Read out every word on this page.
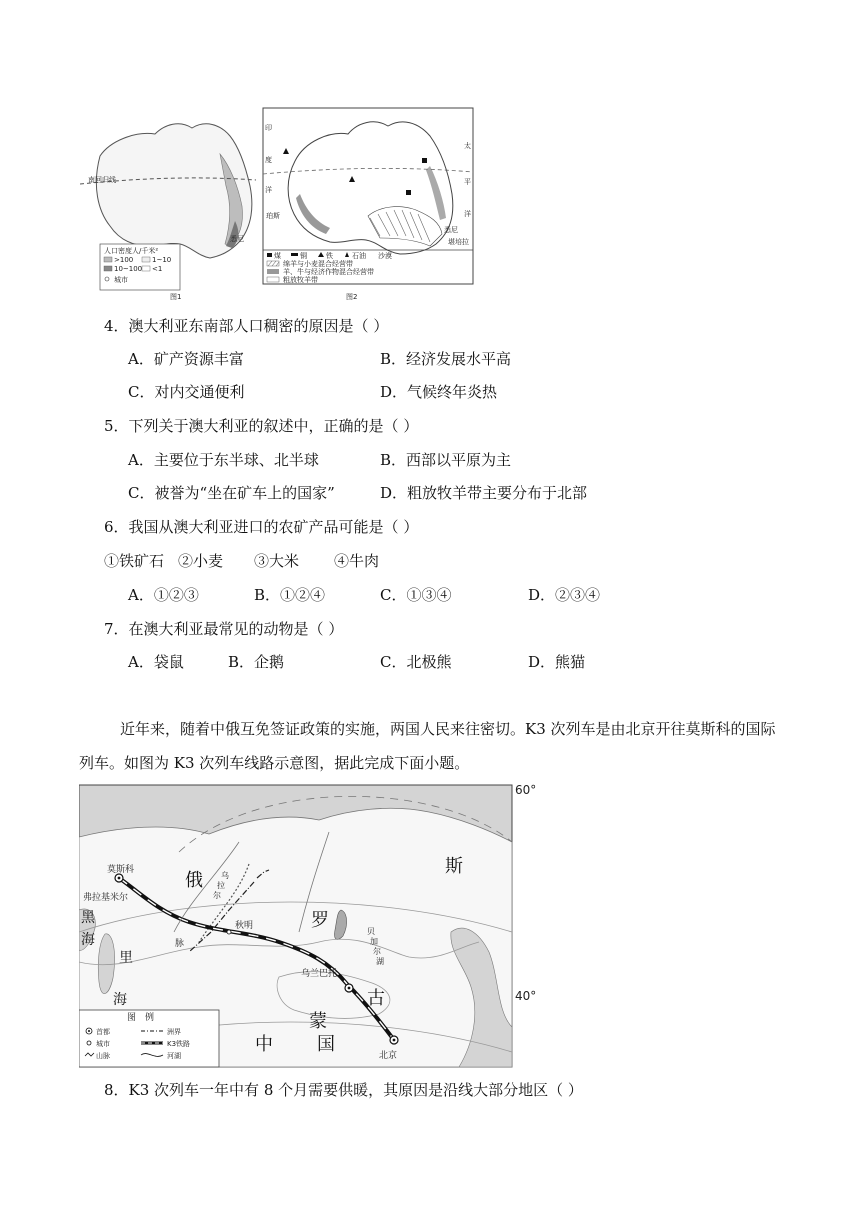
南回归线
悉尼
人口密度人/千米²
>100	1~10
10~100 <1
城市
图1
印
度
洋
太
平
洋
珀斯
悉尼
堪培拉
煤	铜	铁	石油 沙漠
绵羊与小麦混合经营带
羊、牛与经济作物混合经营带
粗放牧羊带
图2
4．澳大利亚东南部人口稠密的原因是（ ）
A．矿产资源丰富	B．经济发展水平高
C．对内交通便利	D．气候终年炎热
5．下列关于澳大利亚的叙述中，正确的是（ ）
A．主要位于东半球、北半球	B．西部以平原为主
C．被誉为“坐在矿车上的国家”	D．粗放牧羊带主要分布于北部
6．我国从澳大利亚进口的农矿产品可能是（ ）
①铁矿石 ②小麦 ③大米 ④牛肉
A．①②③	B．①②④	C．①③④	D．②③④
7．在澳大利亚最常见的动物是（ ）
A．袋鼠	B．企鹅	C．北极熊	D．熊猫
近年来，随着中俄互免签证政策的实施，两国人民来往密切。K3 次列车是由北京开往莫斯科的国际
列车。如图为 K3 次列车线路示意图，据此完成下面小题。
莫斯科
弗拉基米尔
乌兰巴托
北京
秋明
俄
罗
斯
蒙
古
中 国
黑
海
里
海
乌
拉
尔
脉
贝
加
尔
湖
60°
40°
图　例
首都
城市
山脉
洲界
K3铁路
河湖
8．K3 次列车一年中有 8 个月需要供暖，其原因是沿线大部分地区（ ）
